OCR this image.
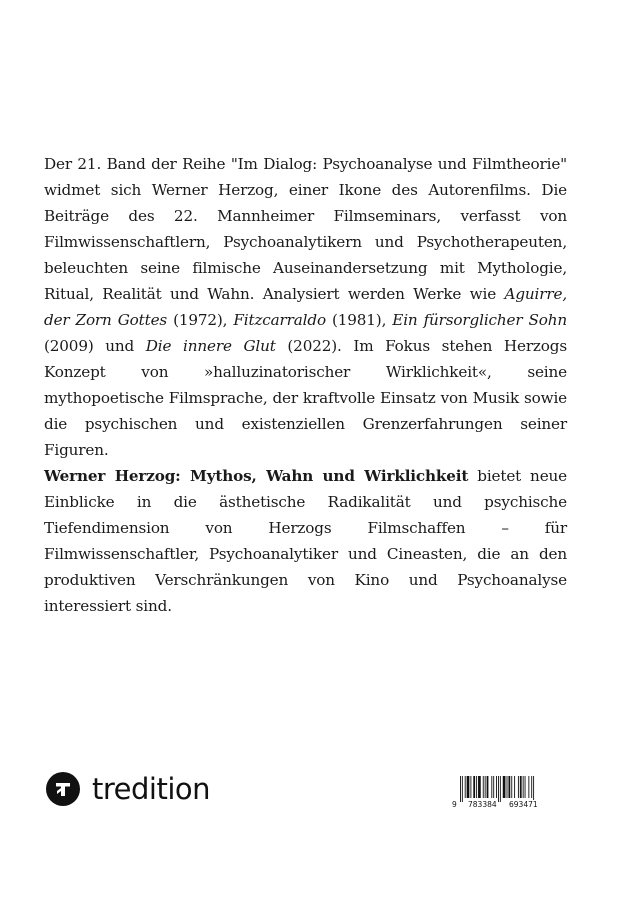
Der 21. Band der Reihe "Im Dialog: Psychoanalyse und Filmtheorie" widmet sich Werner Herzog, einer Ikone des Autorenfilms. Die Beiträge des 22. Mannheimer Filmseminars, verfasst von Filmwissenschaftlern, Psychoanalytikern und Psychotherapeuten, beleuchten seine filmische Auseinandersetzung mit Mythologie, Ritual, Realität und Wahn. Analysiert werden Werke wie Aguirre, der Zorn Gottes (1972), Fitzcarraldo (1981), Ein fürsorglicher Sohn (2009) und Die innere Glut (2022). Im Fokus stehen Herzogs Konzept von »halluzinatorischer Wirklichkeit«, seine mythopoetische Filmsprache, der kraftvolle Einsatz von Musik sowie die psychischen und existenziellen Grenzerfahrungen seiner Figuren.

Werner Herzog: Mythos, Wahn und Wirklichkeit bietet neue Einblicke in die ästhetische Radikalität und psychische Tiefendimension von Herzogs Filmschaffen – für Filmwissenschaftler, Psychoanalytiker und Cineasten, die an den produktiven Verschränkungen von Kino und Psychoanalyse interessiert sind.

tredition	9 783384 693471
